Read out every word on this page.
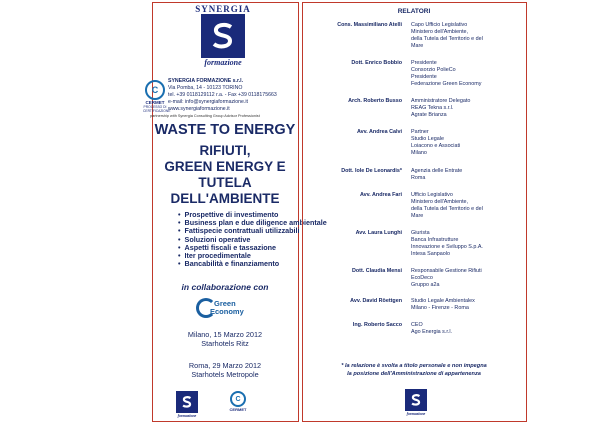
SYNERGIA
formazione
C
CERMET
PROCESSO DI CERTIFICAZIONE
SYNERGIA FORMAZIONE s.r.l.
Via Pomba, 14 - 10123 TORINO
tel. +39 0118129112 r.a. - Fax +39 0118175663
e-mail: info@synergiaformazione.it
www.synergiaformazione.it
partnership with Synergia Consulting Group Advisor Professionist
WASTE TO ENERGY
RIFIUTI,
GREEN ENERGY E
TUTELA DELL'AMBIENTE
• Prospettive di investimento
• Business plan e due diligence ambientale
• Fattispecie contrattuali utilizzabili
• Soluzioni operative
• Aspetti fiscali e tassazione
• Iter procedimentale
• Bancabilità e finanziamento
in collaborazione con
Green
Economy
Milano, 15 Marzo 2012
Starhotels Ritz
Roma, 29 Marzo 2012
Starhotels Metropole
formazione
C
CERMET
RELATORI
Cons. Massimiliano Atelli Capo Ufficio Legislativo
Ministero dell'Ambiente,
della Tutela del Territorio e del
Mare
Dott. Enrico Bobbio Presidente
Consorzio PolieCo
Presidente
Federazione Green Economy
Arch. Roberto Busso Amministratore Delegato
REAG Tekna s.r.l.
Agrate Brianza
Avv. Andrea Calvi Partner
Studio Legale
Loiacono e Associati
Milano
Dott. Iole De Leonardis* Agenzia delle Entrate
Roma
Avv. Andrea Fari Ufficio Legislativo
Ministero dell'Ambiente,
della Tutela del Territorio e del
Mare
Avv. Laura Lunghi Giurista
Banca Infrastrutture
Innovazione e Sviluppo S.p.A.
Intesa Sanpaolo
Dott. Claudia Mensi Responsabile Gestione Rifiuti
EcoDeco
Gruppo a2a
Avv. David Röettgen Studio Legale Ambientalex
Milano - Firenze - Roma
Ing. Roberto Sacco CEO
Ago Energia s.r.l.
* la relazione è svolta a titolo personale e non impegna
la posizione dell'Amministrazione di appartenenza
formazione
